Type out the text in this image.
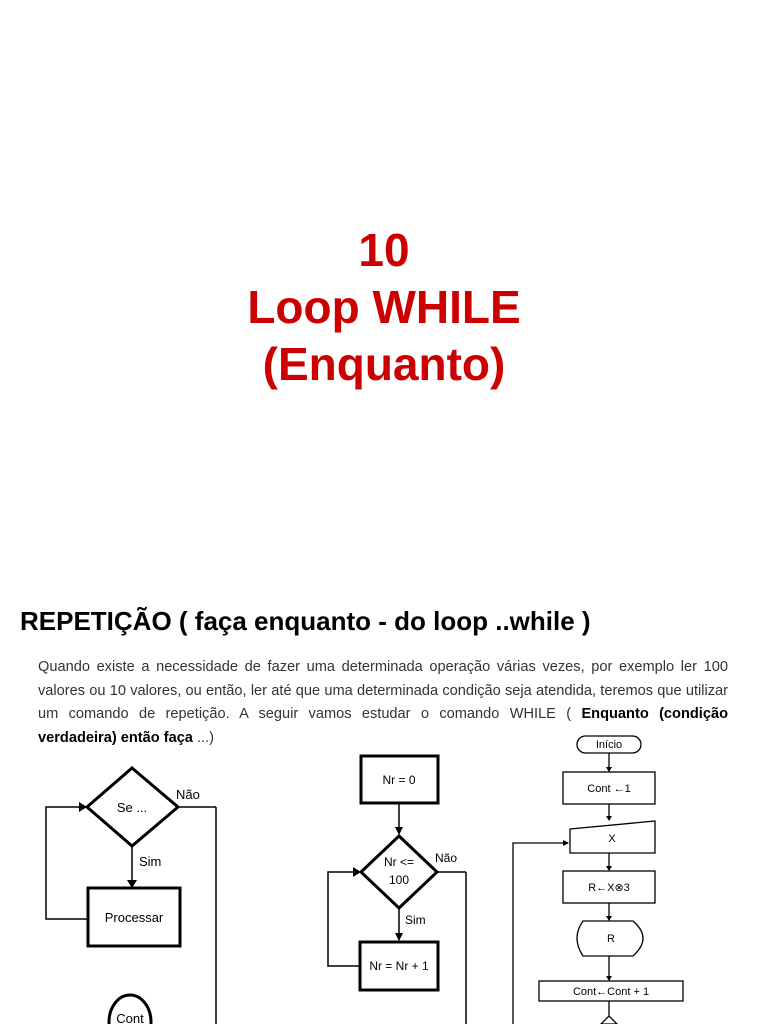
10
Loop WHILE
(Enquanto)
REPETIÇÃO ( faça enquanto - do loop ..while )
Quando existe a necessidade de fazer uma determinada operação várias vezes, por exemplo ler 100 valores ou 10 valores, ou então, ler até que uma determinada condição seja atendida, teremos que utilizar um comando de repetição. A seguir vamos estudar o comando WHILE ( Enquanto (condição verdadeira) então faça ...)
Se ...
Não
Sim
Processar
Cont
Nr = 0
Nr <=
100
Não
Sim
Nr = Nr + 1
Início
Cont ←1
X
R←X⊗3
R
Cont←Cont + 1
